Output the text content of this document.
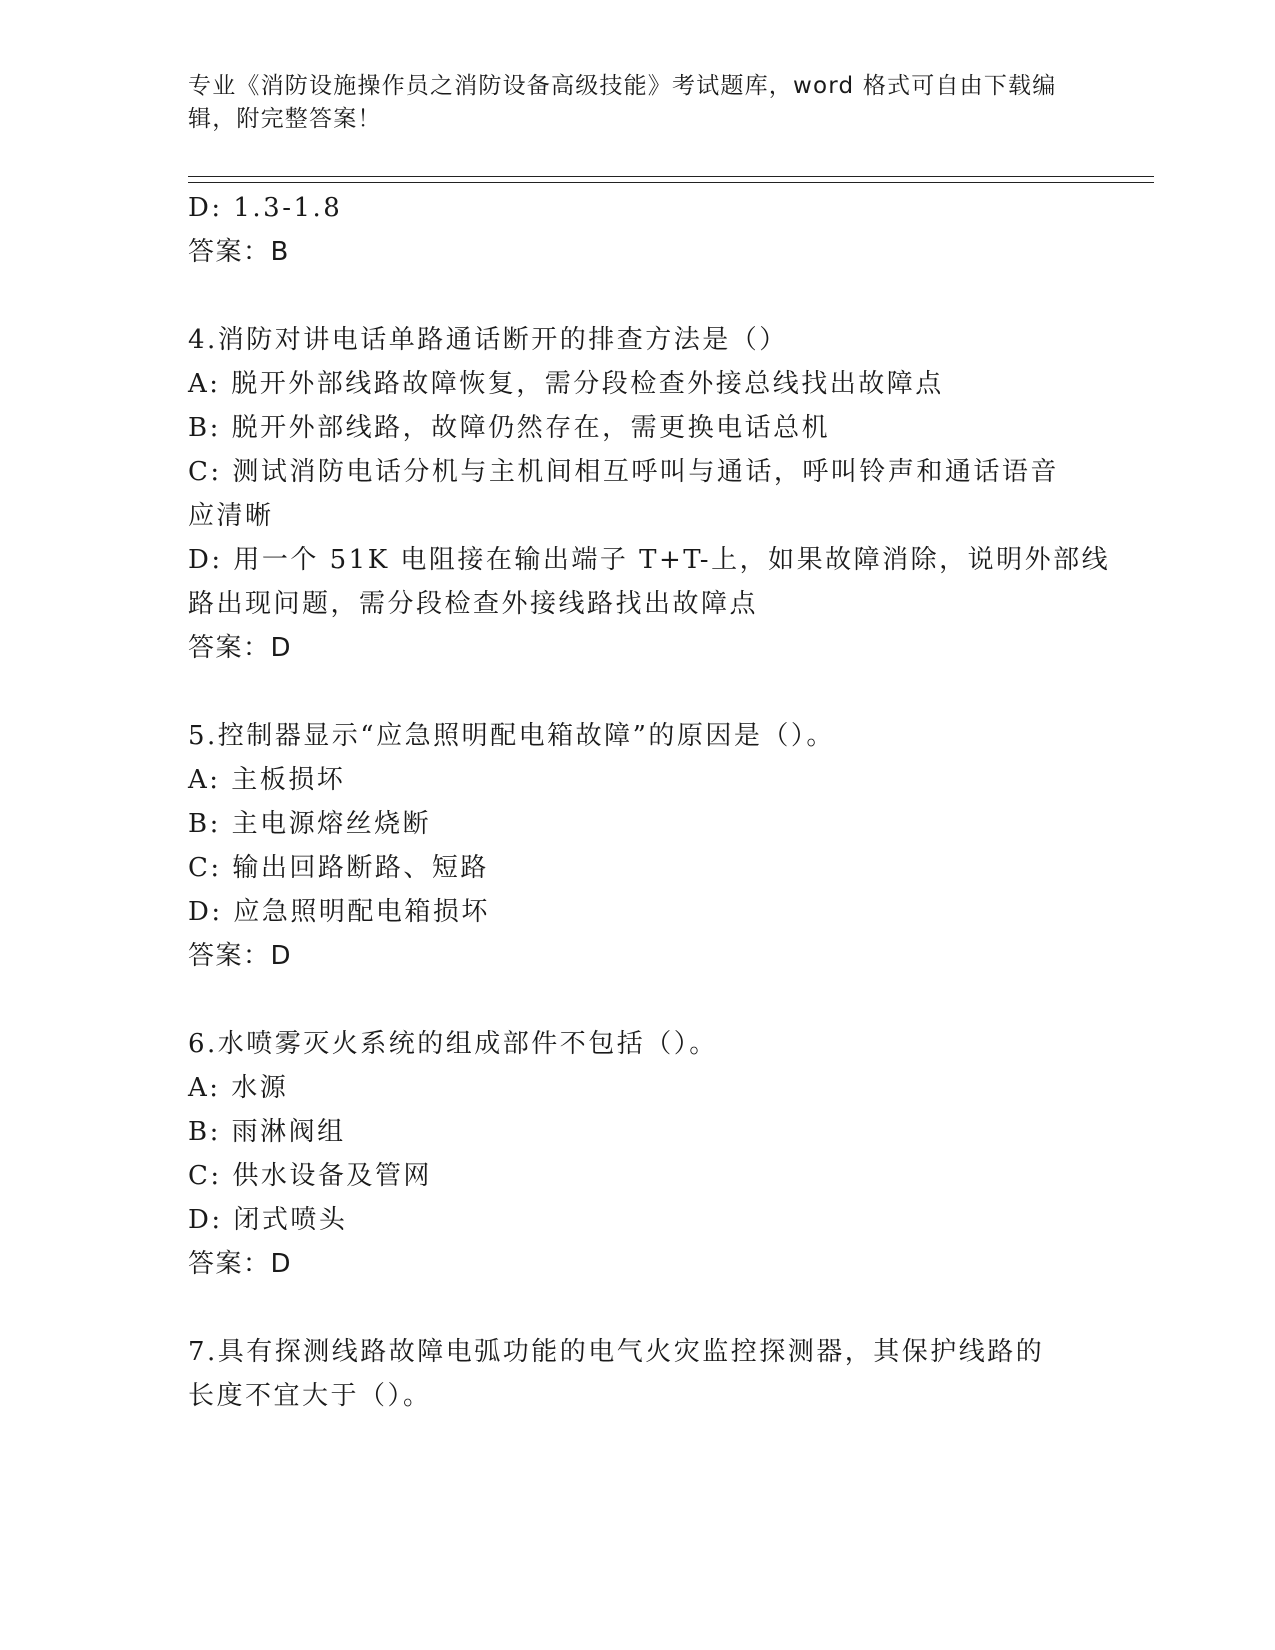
专业《消防设施操作员之消防设备高级技能》考试题库，word 格式可自由下载编
辑，附完整答案！
D: 1.3-1.8
答案：B
4.消防对讲电话单路通话断开的排查方法是（）
A: 脱开外部线路故障恢复，需分段检查外接总线找出故障点
B: 脱开外部线路，故障仍然存在，需更换电话总机
C: 测试消防电话分机与主机间相互呼叫与通话，呼叫铃声和通话语音
应清晰
D: 用一个 51K 电阻接在输出端子 T+T-上，如果故障消除，说明外部线
路出现问题，需分段检查外接线路找出故障点
答案：D
5.控制器显示“应急照明配电箱故障”的原因是（）。
A: 主板损坏
B: 主电源熔丝烧断
C: 输出回路断路、短路
D: 应急照明配电箱损坏
答案：D
6.水喷雾灭火系统的组成部件不包括（）。
A: 水源
B: 雨淋阀组
C: 供水设备及管网
D: 闭式喷头
答案：D
7.具有探测线路故障电弧功能的电气火灾监控探测器，其保护线路的
长度不宜大于（）。
